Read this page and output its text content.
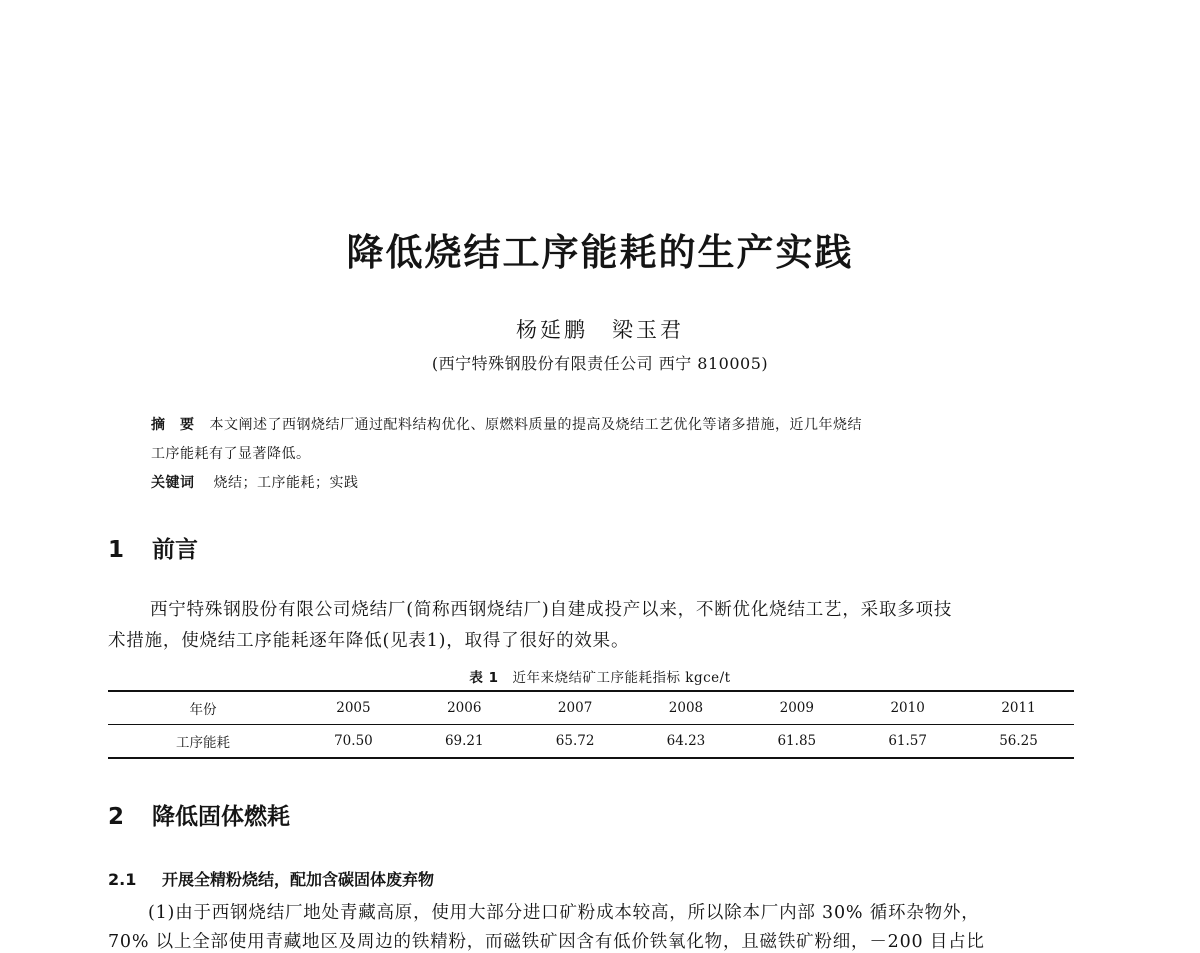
降低烧结工序能耗的生产实践
杨延鹏　梁玉君
(西宁特殊钢股份有限责任公司 西宁 810005)
摘　要 本文阐述了西钢烧结厂通过配料结构优化、原燃料质量的提高及烧结工艺优化等诸多措施，近几年烧结
工序能耗有了显著降低。
关键词 烧结；工序能耗；实践
1 前言
西宁特殊钢股份有限公司烧结厂(简称西钢烧结厂)自建成投产以来，不断优化烧结工艺，采取多项技
术措施，使烧结工序能耗逐年降低(见表1)，取得了很好的效果。
表 1 近年来烧结矿工序能耗指标 kgce/t
年份	2005	2006	2007	2008	2009	2010	2011
工序能耗	70.50	69.21	65.72	64.23	61.85	61.57	56.25
2 降低固体燃耗
2.1 开展全精粉烧结，配加含碳固体废弃物
(1)由于西钢烧结厂地处青藏高原，使用大部分进口矿粉成本较高，所以除本厂内部 30% 循环杂物外，
70% 以上全部使用青藏地区及周边的铁精粉，而磁铁矿因含有低价铁氧化物，且磁铁矿粉细，－200 目占比
